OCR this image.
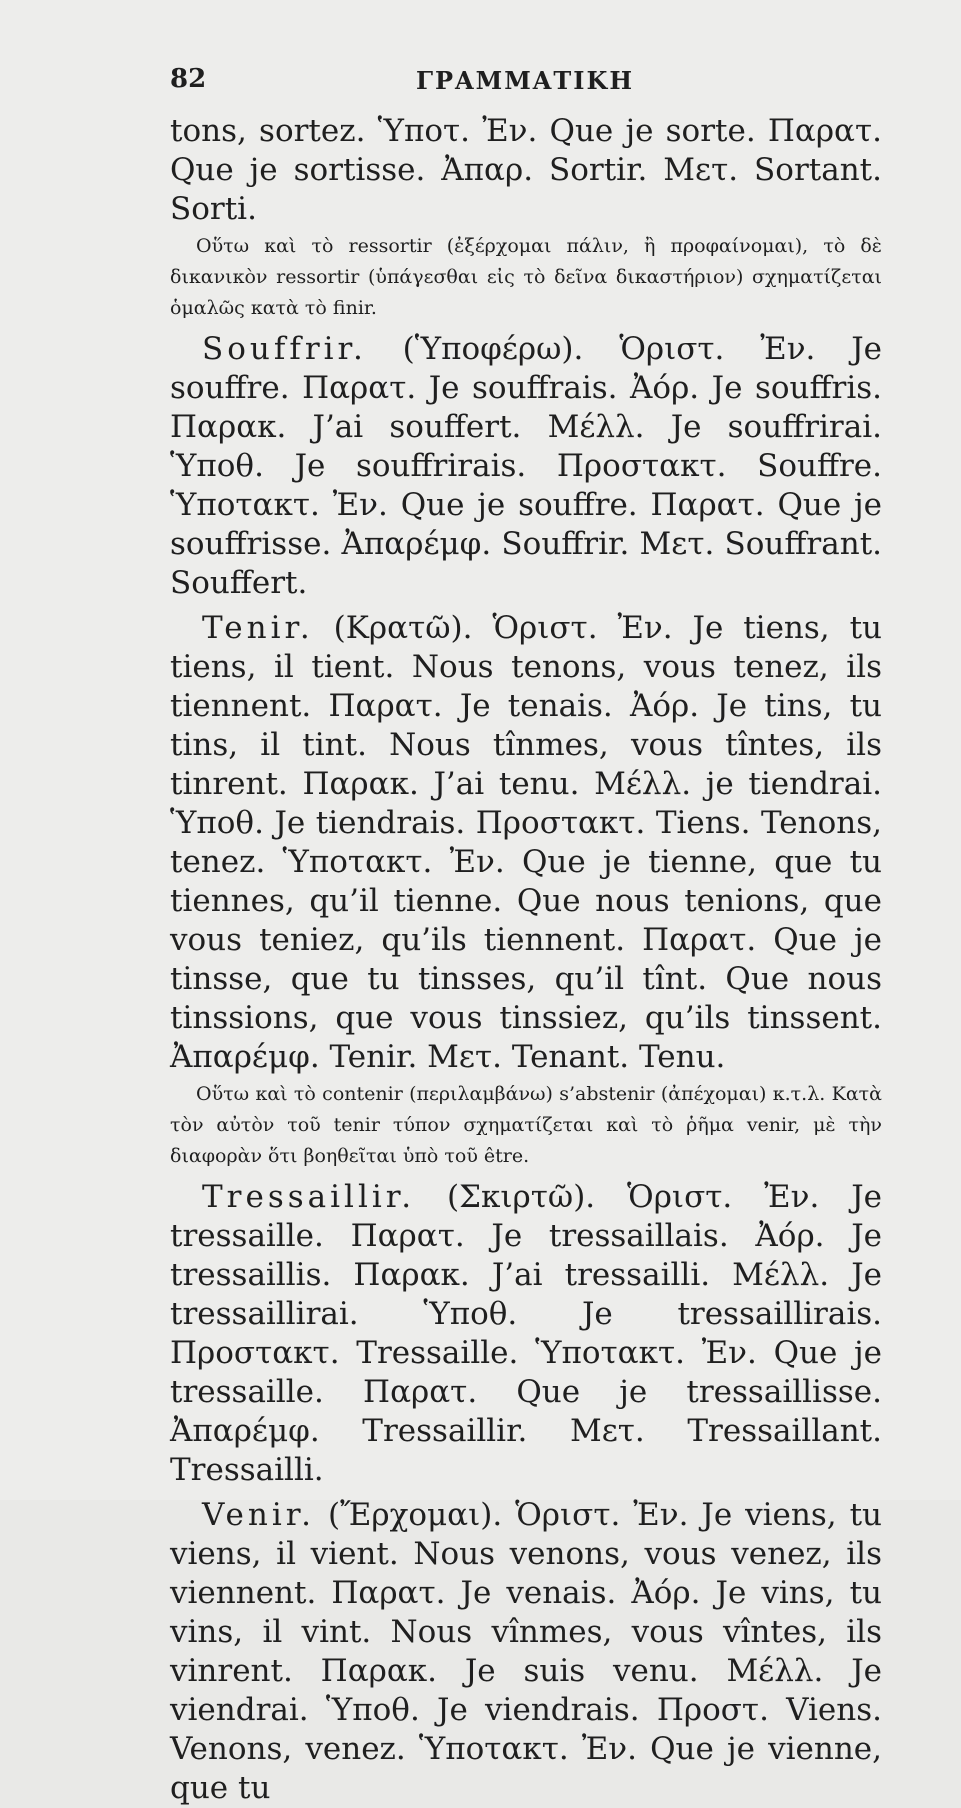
82	ΓΡΑΜΜΑΤΙΚΗ

tons, sortez. Ὑποτ. Ἐν. Que je sorte. Παρατ. Que je sortisse. Ἀπαρ. Sortir. Μετ. Sortant. Sorti.

Οὕτω καὶ τὸ ressortir (ἐξέρχομαι πάλιν, ἢ προφαίνομαι), τὸ δὲ δικανικὸν ressortir (ὑπάγεσθαι εἰς τὸ δεῖνα δικαστήριον) σχηματίζεται ὁμαλῶς κατὰ τὸ finir.

Souffrir. (Ὑποφέρω). Ὁριστ. Ἐν. Je souffre. Παρατ. Je souffrais. Ἀόρ. Je souffris. Παρακ. J’ai souffert. Μέλλ. Je souffrirai. Ὑποθ. Je souffrirais. Προστακτ. Souffre. Ὑποτακτ. Ἐν. Que je souffre. Παρατ. Que je souffrisse. Ἀπαρέμφ. Souffrir. Μετ. Souffrant. Souffert.

Tenir. (Κρατῶ). Ὁριστ. Ἐν. Je tiens, tu tiens, il tient. Nous tenons, vous tenez, ils tiennent. Παρατ. Je tenais. Ἀόρ. Je tins, tu tins, il tint. Nous tînmes, vous tîntes, ils tinrent. Παρακ. J’ai tenu. Μέλλ. je tiendrai. Ὑποθ. Je tiendrais. Προστακτ. Tiens. Tenons, tenez. Ὑποτακτ. Ἐν. Que je tienne, que tu tiennes, qu’il tienne. Que nous tenions, que vous teniez, qu’ils tiennent. Παρατ. Que je tinsse, que tu tinsses, qu’il tînt. Que nous tinssions, que vous tinssiez, qu’ils tinssent. Ἀπαρέμφ. Tenir. Μετ. Tenant. Tenu.

Οὕτω καὶ τὸ contenir (περιλαμβάνω) s’abstenir (ἀπέχομαι) κ.τ.λ. Κατὰ τὸν αὐτὸν τοῦ tenir τύπον σχηματίζεται καὶ τὸ ῥῆμα venir, μὲ τὴν διαφορὰν ὅτι βοηθεῖται ὑπὸ τοῦ être.

Tressaillir. (Σκιρτῶ). Ὁριστ. Ἐν. Je tressaille. Παρατ. Je tressaillais. Ἀόρ. Je tressaillis. Παρακ. J’ai tressailli. Μέλλ. Je tressaillirai. Ὑποθ. Je tressaillirais. Προστακτ. Tressaille. Ὑποτακτ. Ἐν. Que je tressaille. Παρατ. Que je tressaillisse. Ἀπαρέμφ. Tressaillir. Μετ. Tressaillant. Tressailli.

Venir. (Ἔρχομαι). Ὁριστ. Ἐν. Je viens, tu viens, il vient. Nous venons, vous venez, ils viennent. Παρατ. Je venais. Ἀόρ. Je vins, tu vins, il vint. Nous vînmes, vous vîntes, ils vinrent. Παρακ. Je suis venu. Μέλλ. Je viendrai. Ὑποθ. Je viendrais. Προστ. Viens. Venons, venez. Ὑποτακτ. Ἐν. Que je vienne, que tu
